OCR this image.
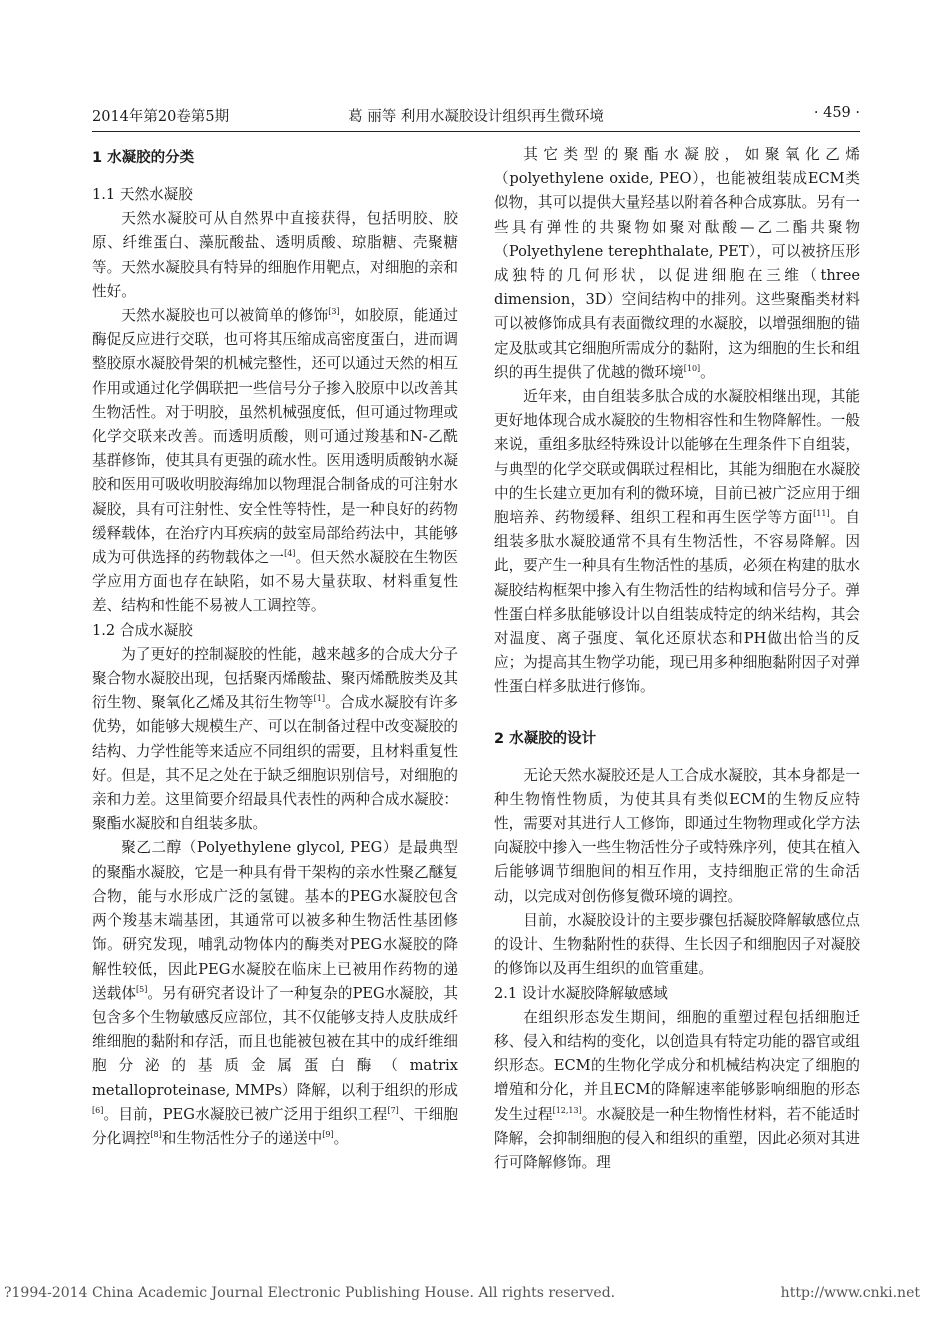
2014年第20卷第5期	葛 丽等 利用水凝胶设计组织再生微环境	· 459 ·
1 水凝胶的分类

1.1 天然水凝胶

天然水凝胶可从自然界中直接获得，包括明胶、胶原、纤维蛋白、藻朊酸盐、透明质酸、琼脂糖、壳聚糖等。天然水凝胶具有特异的细胞作用靶点，对细胞的亲和性好。

天然水凝胶也可以被简单的修饰[3]，如胶原，能通过酶促反应进行交联，也可将其压缩成高密度蛋白，进而调整胶原水凝胶骨架的机械完整性，还可以通过天然的相互作用或通过化学偶联把一些信号分子掺入胶原中以改善其生物活性。对于明胶，虽然机械强度低，但可通过物理或化学交联来改善。而透明质酸，则可通过羧基和N-乙酰基群修饰，使其具有更强的疏水性。医用透明质酸钠水凝胶和医用可吸收明胶海绵加以物理混合制备成的可注射水凝胶，具有可注射性、安全性等特性，是一种良好的药物缓释载体，在治疗内耳疾病的鼓室局部给药法中，其能够成为可供选择的药物载体之一[4]。但天然水凝胶在生物医学应用方面也存在缺陷，如不易大量获取、材料重复性差、结构和性能不易被人工调控等。

1.2 合成水凝胶

为了更好的控制凝胶的性能，越来越多的合成大分子聚合物水凝胶出现，包括聚丙烯酸盐、聚丙烯酰胺类及其衍生物、聚氧化乙烯及其衍生物等[1]。合成水凝胶有许多优势，如能够大规模生产、可以在制备过程中改变凝胶的结构、力学性能等来适应不同组织的需要，且材料重复性好。但是，其不足之处在于缺乏细胞识别信号，对细胞的亲和力差。这里简要介绍最具代表性的两种合成水凝胶：聚酯水凝胶和自组装多肽。

聚乙二醇（Polyethylene glycol, PEG）是最典型的聚酯水凝胶，它是一种具有骨干架构的亲水性聚乙醚复合物，能与水形成广泛的氢键。基本的PEG水凝胶包含两个羧基末端基团，其通常可以被多种生物活性基团修饰。研究发现，哺乳动物体内的酶类对PEG水凝胶的降解性较低，因此PEG水凝胶在临床上已被用作药物的递送载体[5]。另有研究者设计了一种复杂的PEG水凝胶，其包含多个生物敏感反应部位，其不仅能够支持人皮肤成纤维细胞的黏附和存活，而且也能被包被在其中的成纤维细胞分泌的基质金属蛋白酶（matrix metalloproteinase, MMPs）降解，以利于组织的形成[6]。目前，PEG水凝胶已被广泛用于组织工程[7]、干细胞分化调控[8]和生物活性分子的递送中[9]。

其它类型的聚酯水凝胶，如聚氧化乙烯（polyethylene oxide, PEO），也能被组装成ECM类似物，其可以提供大量羟基以附着各种合成寡肽。另有一些具有弹性的共聚物如聚对酞酸—乙二酯共聚物（Polyethylene terephthalate, PET），可以被挤压形成独特的几何形状，以促进细胞在三维（three dimension，3D）空间结构中的排列。这些聚酯类材料可以被修饰成具有表面微纹理的水凝胶，以增强细胞的锚定及肽或其它细胞所需成分的黏附，这为细胞的生长和组织的再生提供了优越的微环境[10]。

近年来，由自组装多肽合成的水凝胶相继出现，其能更好地体现合成水凝胶的生物相容性和生物降解性。一般来说，重组多肽经特殊设计以能够在生理条件下自组装，与典型的化学交联或偶联过程相比，其能为细胞在水凝胶中的生长建立更加有利的微环境，目前已被广泛应用于细胞培养、药物缓释、组织工程和再生医学等方面[11]。自组装多肽水凝胶通常不具有生物活性，不容易降解。因此，要产生一种具有生物活性的基质，必须在构建的肽水凝胶结构框架中掺入有生物活性的结构域和信号分子。弹性蛋白样多肽能够设计以自组装成特定的纳米结构，其会对温度、离子强度、氧化还原状态和PH做出恰当的反应；为提高其生物学功能，现已用多种细胞黏附因子对弹性蛋白样多肽进行修饰。

2 水凝胶的设计

无论天然水凝胶还是人工合成水凝胶，其本身都是一种生物惰性物质，为使其具有类似ECM的生物反应特性，需要对其进行人工修饰，即通过生物物理或化学方法向凝胶中掺入一些生物活性分子或特殊序列，使其在植入后能够调节细胞间的相互作用，支持细胞正常的生命活动，以完成对创伤修复微环境的调控。

目前，水凝胶设计的主要步骤包括凝胶降解敏感位点的设计、生物黏附性的获得、生长因子和细胞因子对凝胶的修饰以及再生组织的血管重建。

2.1 设计水凝胶降解敏感域

在组织形态发生期间，细胞的重塑过程包括细胞迁移、侵入和结构的变化，以创造具有特定功能的器官或组织形态。ECM的生物化学成分和机械结构决定了细胞的增殖和分化，并且ECM的降解速率能够影响细胞的形态发生过程[12,13]。水凝胶是一种生物惰性材料，若不能适时降解，会抑制细胞的侵入和组织的重塑，因此必须对其进行可降解修饰。理

?1994-2014 China Academic Journal Electronic Publishing House. All rights reserved.	http://www.cnki.net
